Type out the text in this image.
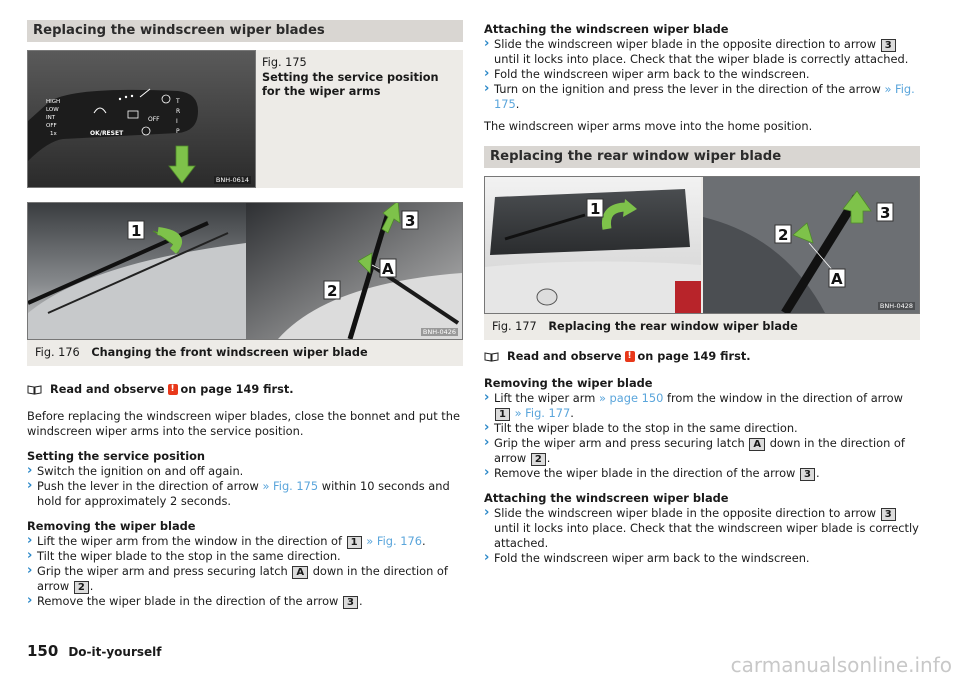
Replacing the windscreen wiper blades
HIGH
LOW
INT
OFF
1x	OK/RESET
T
R
I
P
OFF
BNH-0614
Fig. 175
Setting the service position for the wiper arms
1
3
A
2
BNH-0426
Fig. 176 Changing the front windscreen wiper blade
Read and observe ! on page 149 first.

Before replacing the windscreen wiper blades, close the bonnet and put the windscreen wiper arms into the service position.

Setting the service position
› Switch the ignition on and off again.
› Push the lever in the direction of arrow » Fig. 175 within 10 seconds and hold for approximately 2 seconds.
Removing the wiper blade
› Lift the wiper arm from the window in the direction of 1 » Fig. 176.
› Tilt the wiper blade to the stop in the same direction.
› Grip the wiper arm and press securing latch A down in the direction of arrow 2 .
› Remove the wiper blade in the direction of the arrow 3 .
Attaching the windscreen wiper blade
› Slide the windscreen wiper blade in the opposite direction to arrow 3 until it locks into place. Check that the wiper blade is correctly attached.
› Fold the windscreen wiper arm back to the windscreen.
› Turn on the ignition and press the lever in the direction of the arrow » Fig. 175.

The windscreen wiper arms move into the home position.

Replacing the rear window wiper blade
1	3
2
A
BNH-0428
Fig. 177 Replacing the rear window wiper blade
Read and observe ! on page 149 first.
Removing the wiper blade
› Lift the wiper arm » page 150 from the window in the direction of arrow 1 » Fig. 177.
› Tilt the wiper blade to the stop in the same direction.
› Grip the wiper arm and press securing latch A down in the direction of arrow 2 .
› Remove the wiper blade in the direction of the arrow 3 .
Attaching the windscreen wiper blade
› Slide the windscreen wiper blade in the opposite direction to arrow 3 until it locks into place. Check that the windscreen wiper blade is correctly attached.
› Fold the windscreen wiper arm back to the windscreen.
150 Do-it-yourself
carmanualsonline.info
